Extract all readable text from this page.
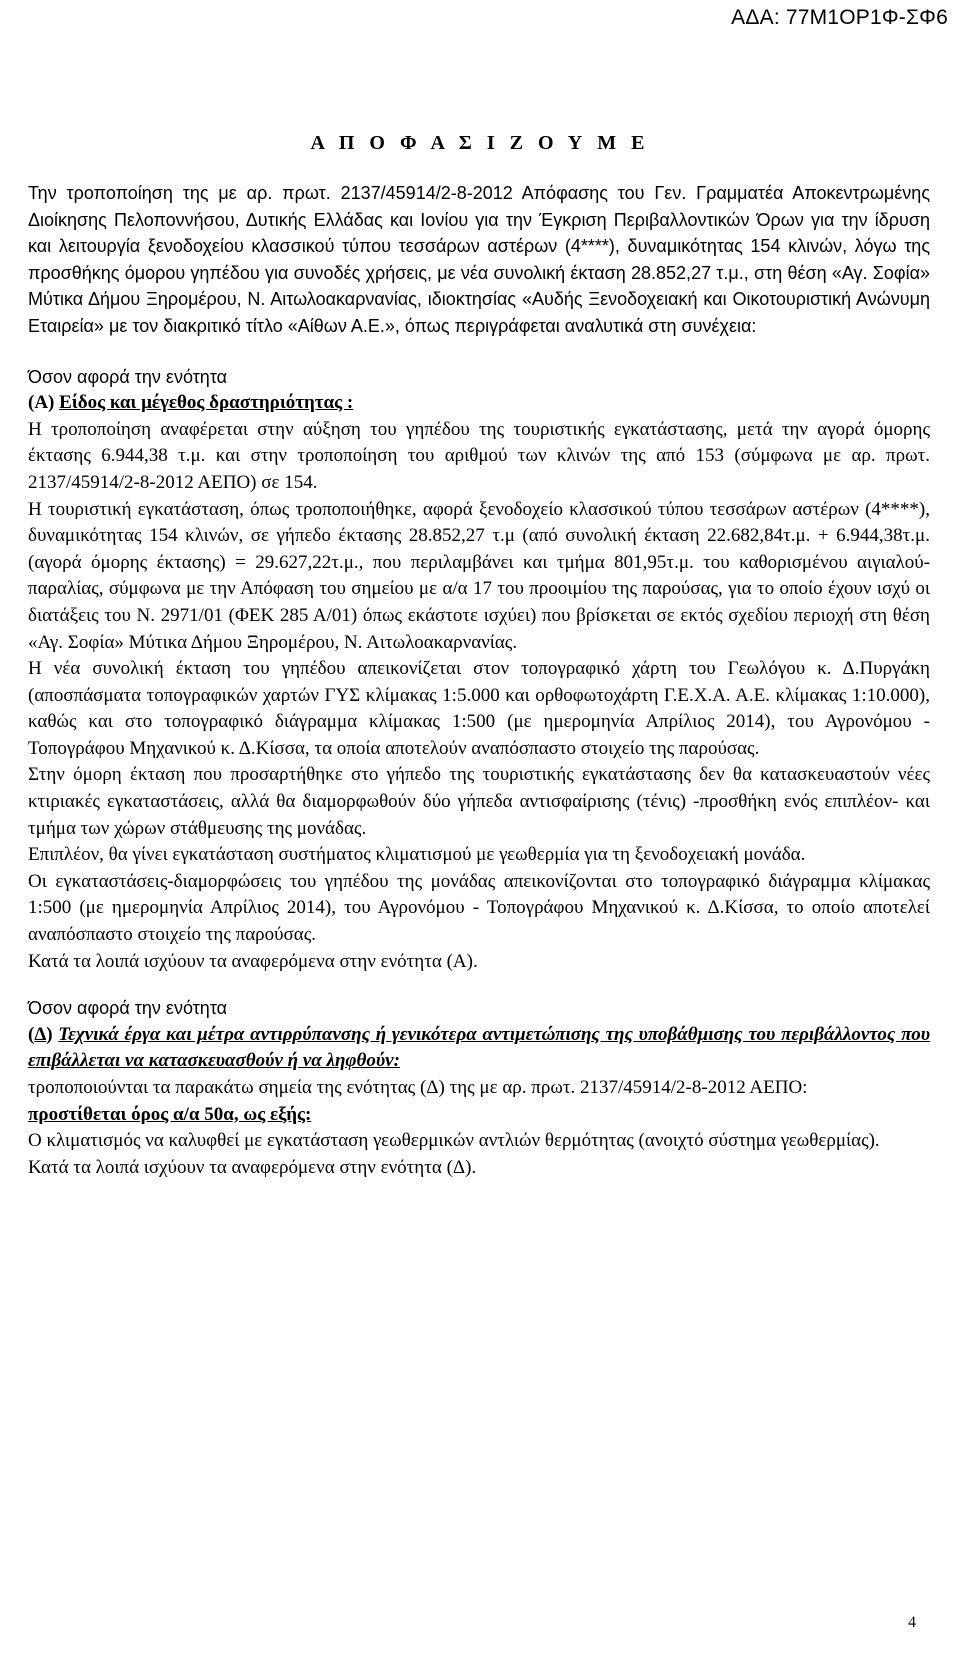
ΑΔΑ: 77Μ1ΟΡ1Φ-ΣΦ6
Α Π Ο Φ Α Σ Ι Ζ Ο Υ Μ Ε

Την τροποποίηση της με αρ. πρωτ. 2137/45914/2-8-2012 Απόφασης του Γεν. Γραμματέα Αποκεντρωμένης Διοίκησης Πελοποννήσου, Δυτικής Ελλάδας και Ιονίου για την Έγκριση Περιβαλλοντικών Όρων για την ίδρυση και λειτουργία ξενοδοχείου κλασσικού τύπου τεσσάρων αστέρων (4****), δυναμικότητας 154 κλινών, λόγω της προσθήκης όμορου γηπέδου για συνοδές χρήσεις, με νέα συνολική έκταση 28.852,27 τ.μ., στη θέση «Αγ. Σοφία» Μύτικα Δήμου Ξηρομέρου, Ν. Αιτωλοακαρνανίας, ιδιοκτησίας «Αυδής Ξενοδοχειακή και Οικοτουριστική Ανώνυμη Εταιρεία» με τον διακριτικό τίτλο «Αίθων Α.Ε.», όπως περιγράφεται αναλυτικά στη συνέχεια:

Όσον αφορά την ενότητα

(Α) Είδος και μέγεθος δραστηριότητας :

Η τροποποίηση αναφέρεται στην αύξηση του γηπέδου της τουριστικής εγκατάστασης, μετά την αγορά όμορης έκτασης 6.944,38 τ.μ. και στην τροποποίηση του αριθμού των κλινών της από 153 (σύμφωνα με αρ. πρωτ. 2137/45914/2-8-2012 ΑΕΠΟ) σε 154.

Η τουριστική εγκατάσταση, όπως τροποποιήθηκε, αφορά ξενοδοχείο κλασσικού τύπου τεσσάρων αστέρων (4****), δυναμικότητας 154 κλινών, σε γήπεδο έκτασης 28.852,27 τ.μ (από συνολική έκταση 22.682,84τ.μ. + 6.944,38τ.μ. (αγορά όμορης έκτασης) = 29.627,22τ.μ., που περιλαμβάνει και τμήμα 801,95τ.μ. του καθορισμένου αιγιαλού-παραλίας, σύμφωνα με την Απόφαση του σημείου με α/α 17 του προοιμίου της παρούσας, για το οποίο έχουν ισχύ οι διατάξεις του Ν. 2971/01 (ΦΕΚ 285 Α/01) όπως εκάστοτε ισχύει) που βρίσκεται σε εκτός σχεδίου περιοχή στη θέση «Αγ. Σοφία» Μύτικα Δήμου Ξηρομέρου, Ν. Αιτωλοακαρνανίας.

Η νέα συνολική έκταση του γηπέδου απεικονίζεται στον τοπογραφικό χάρτη του Γεωλόγου κ. Δ.Πυργάκη (αποσπάσματα τοπογραφικών χαρτών ΓΥΣ κλίμακας 1:5.000 και ορθοφωτοχάρτη Γ.Ε.Χ.Α. Α.Ε. κλίμακας 1:10.000), καθώς και στο τοπογραφικό διάγραμμα κλίμακας 1:500 (με ημερομηνία Απρίλιος 2014), του Αγρονόμου - Τοπογράφου Μηχανικού κ. Δ.Κίσσα, τα οποία αποτελούν αναπόσπαστο στοιχείο της παρούσας.

Στην όμορη έκταση που προσαρτήθηκε στο γήπεδο της τουριστικής εγκατάστασης δεν θα κατασκευαστούν νέες κτιριακές εγκαταστάσεις, αλλά θα διαμορφωθούν δύο γήπεδα αντισφαίρισης (τένις) -προσθήκη ενός επιπλέον- και τμήμα των χώρων στάθμευσης της μονάδας.

Επιπλέον, θα γίνει εγκατάσταση συστήματος κλιματισμού με γεωθερμία για τη ξενοδοχειακή μονάδα.

Οι εγκαταστάσεις-διαμορφώσεις του γηπέδου της μονάδας απεικονίζονται στο τοπογραφικό διάγραμμα κλίμακας 1:500 (με ημερομηνία Απρίλιος 2014), του Αγρονόμου - Τοπογράφου Μηχανικού κ. Δ.Κίσσα, το οποίο αποτελεί αναπόσπαστο στοιχείο της παρούσας.

Κατά τα λοιπά ισχύουν τα αναφερόμενα στην ενότητα (Α).

Όσον αφορά την ενότητα

(Δ) Τεχνικά έργα και μέτρα αντιρρύπανσης ή γενικότερα αντιμετώπισης της υποβάθμισης του περιβάλλοντος που επιβάλλεται να κατασκευασθούν ή να ληφθούν:

τροποποιούνται τα παρακάτω σημεία της ενότητας (Δ) της με αρ. πρωτ. 2137/45914/2-8-2012 ΑΕΠΟ:

προστίθεται όρος α/α 50α, ως εξής:

Ο κλιματισμός να καλυφθεί με εγκατάσταση γεωθερμικών αντλιών θερμότητας (ανοιχτό σύστημα γεωθερμίας).

Κατά τα λοιπά ισχύουν τα αναφερόμενα στην ενότητα (Δ).

4
